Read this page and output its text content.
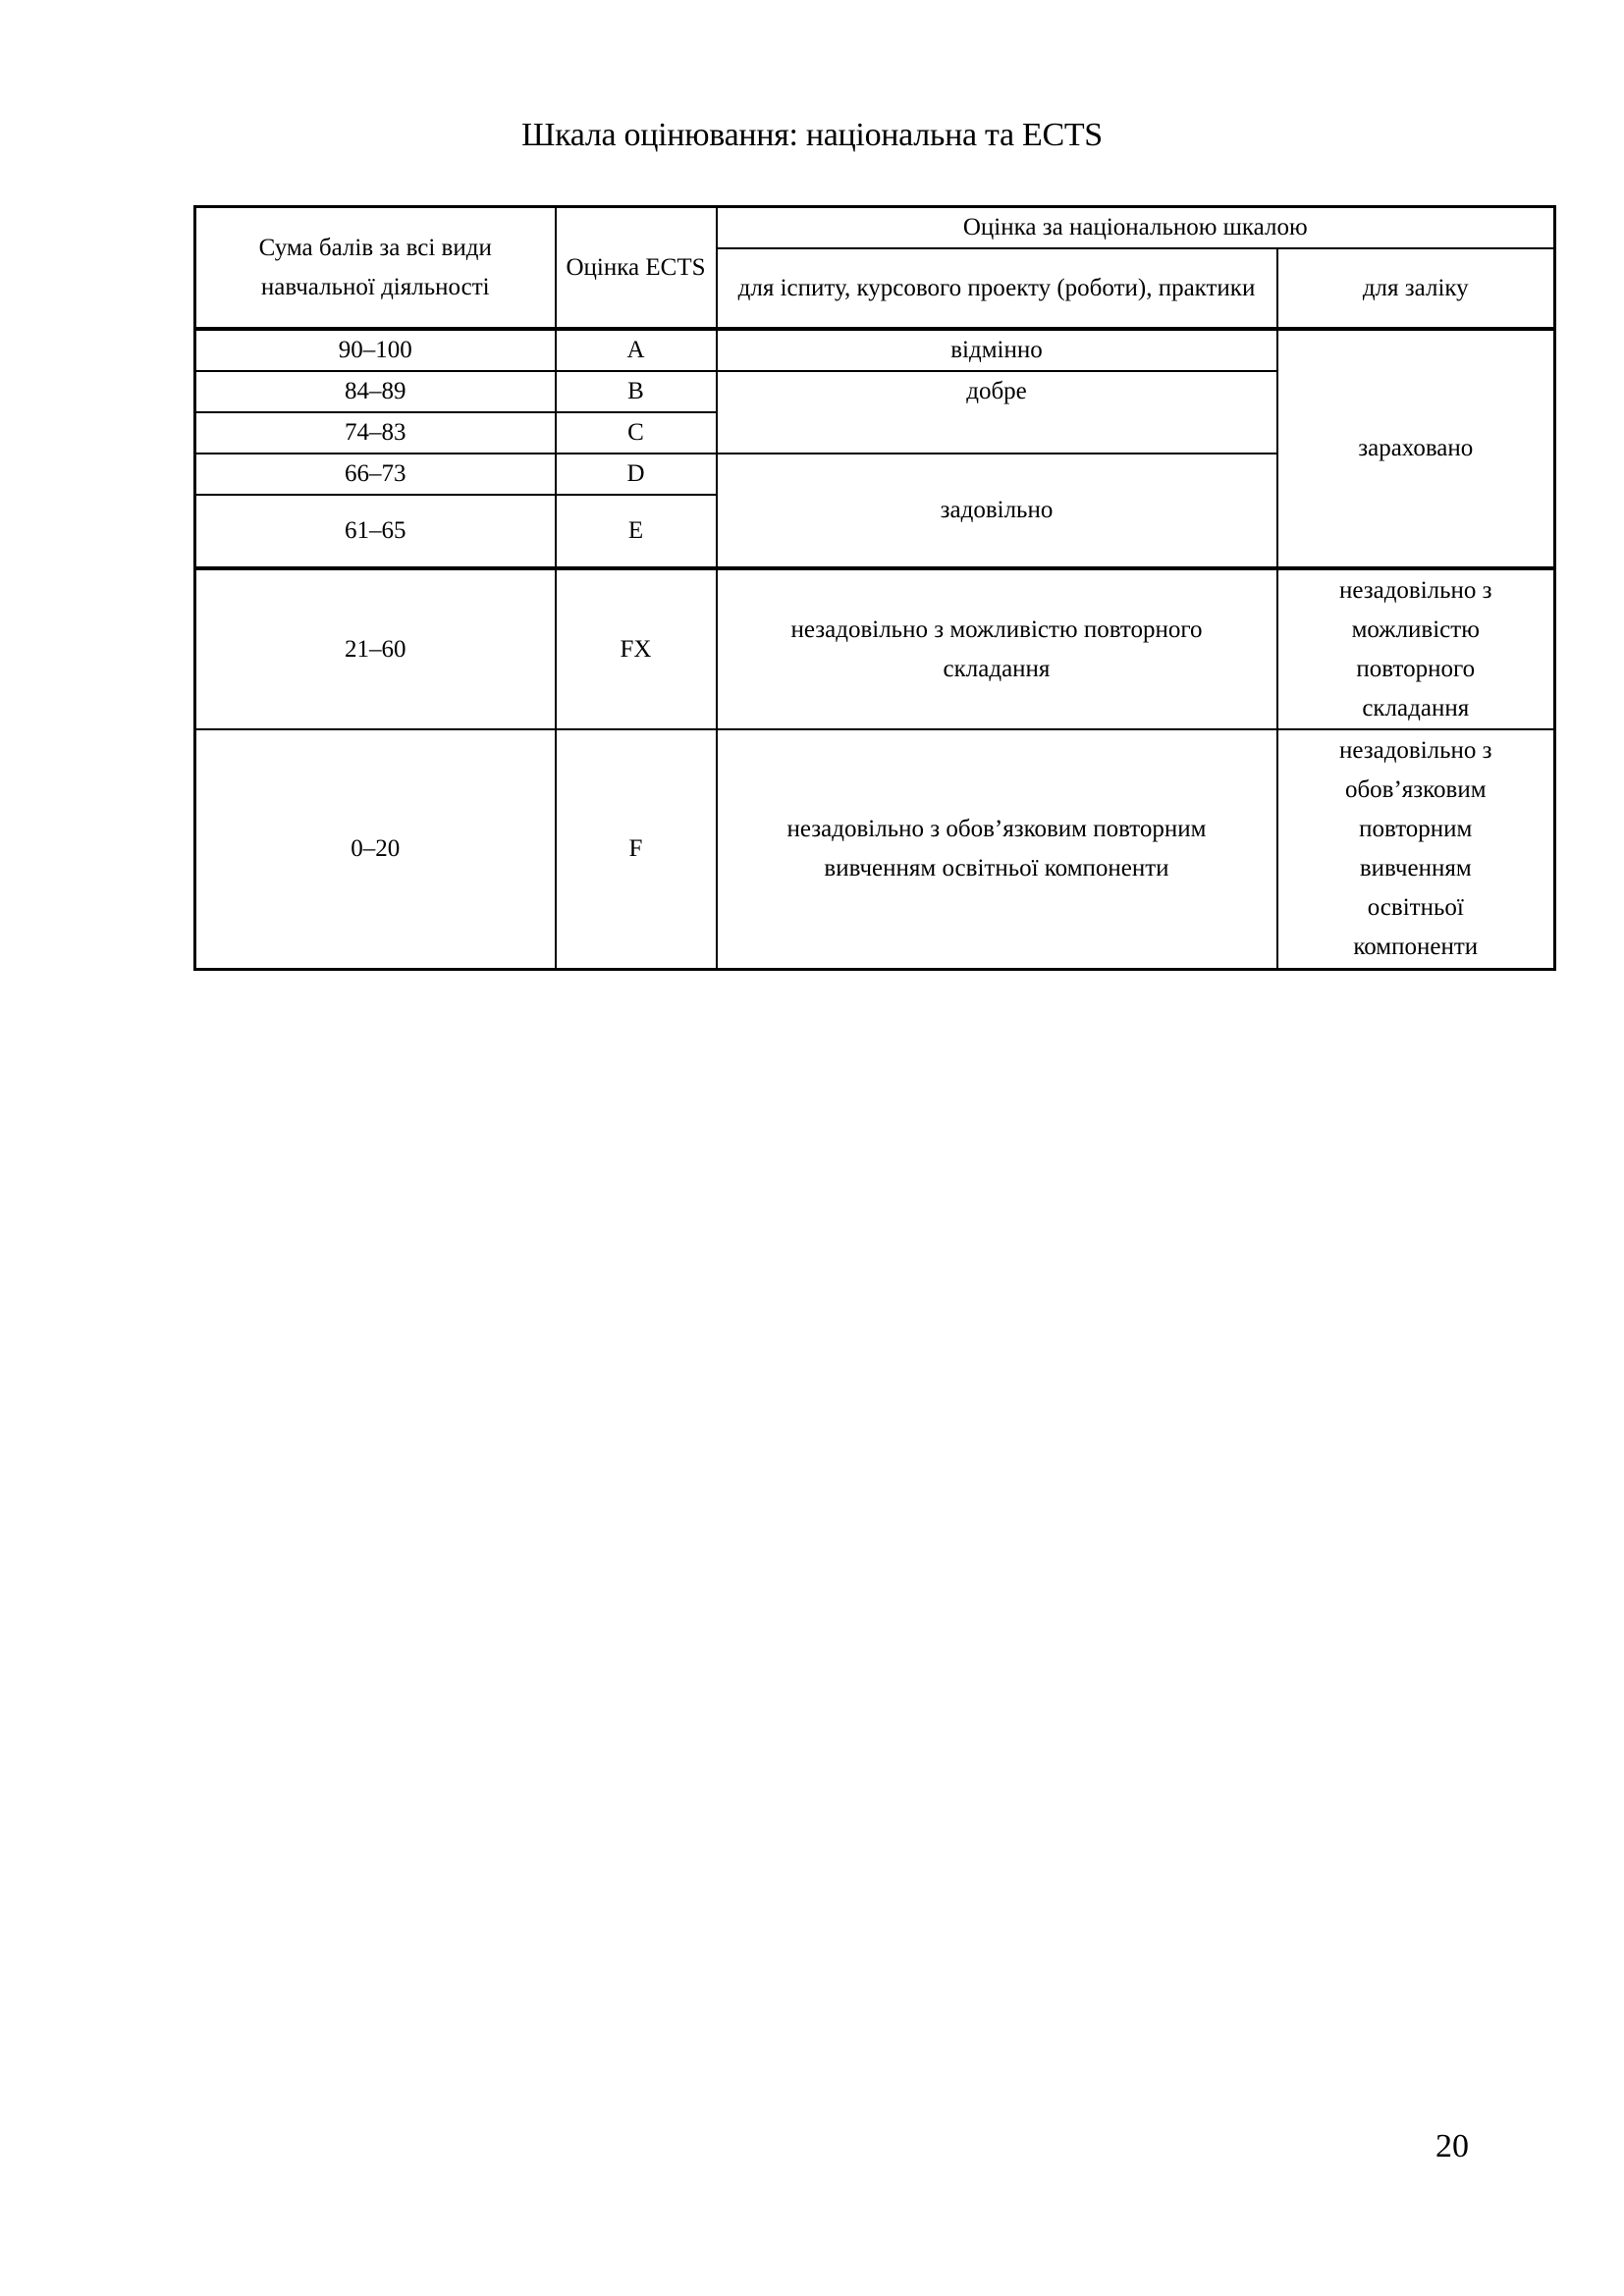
Шкала оцінювання: національна та ECTS
Сума балів за всі види навчальної діяльності	Оцінка ECTS	Оцінка за національною шкалою	
		для іспиту, курсового проекту (роботи), практики	для заліку
90–100	A	відмінно	зараховано
84–89	B	добре	
74–83	C		
66–73	D	задовільно	
61–65	E		
21–60	FX	незадовільно з можливістю повторного складання	незадовільно з можливістю повторного складання
0–20	F	незадовільно з обов’язковим повторним вивченням освітньої компоненти	незадовільно з обов’язковим повторним вивченням освітньої компоненти
20
